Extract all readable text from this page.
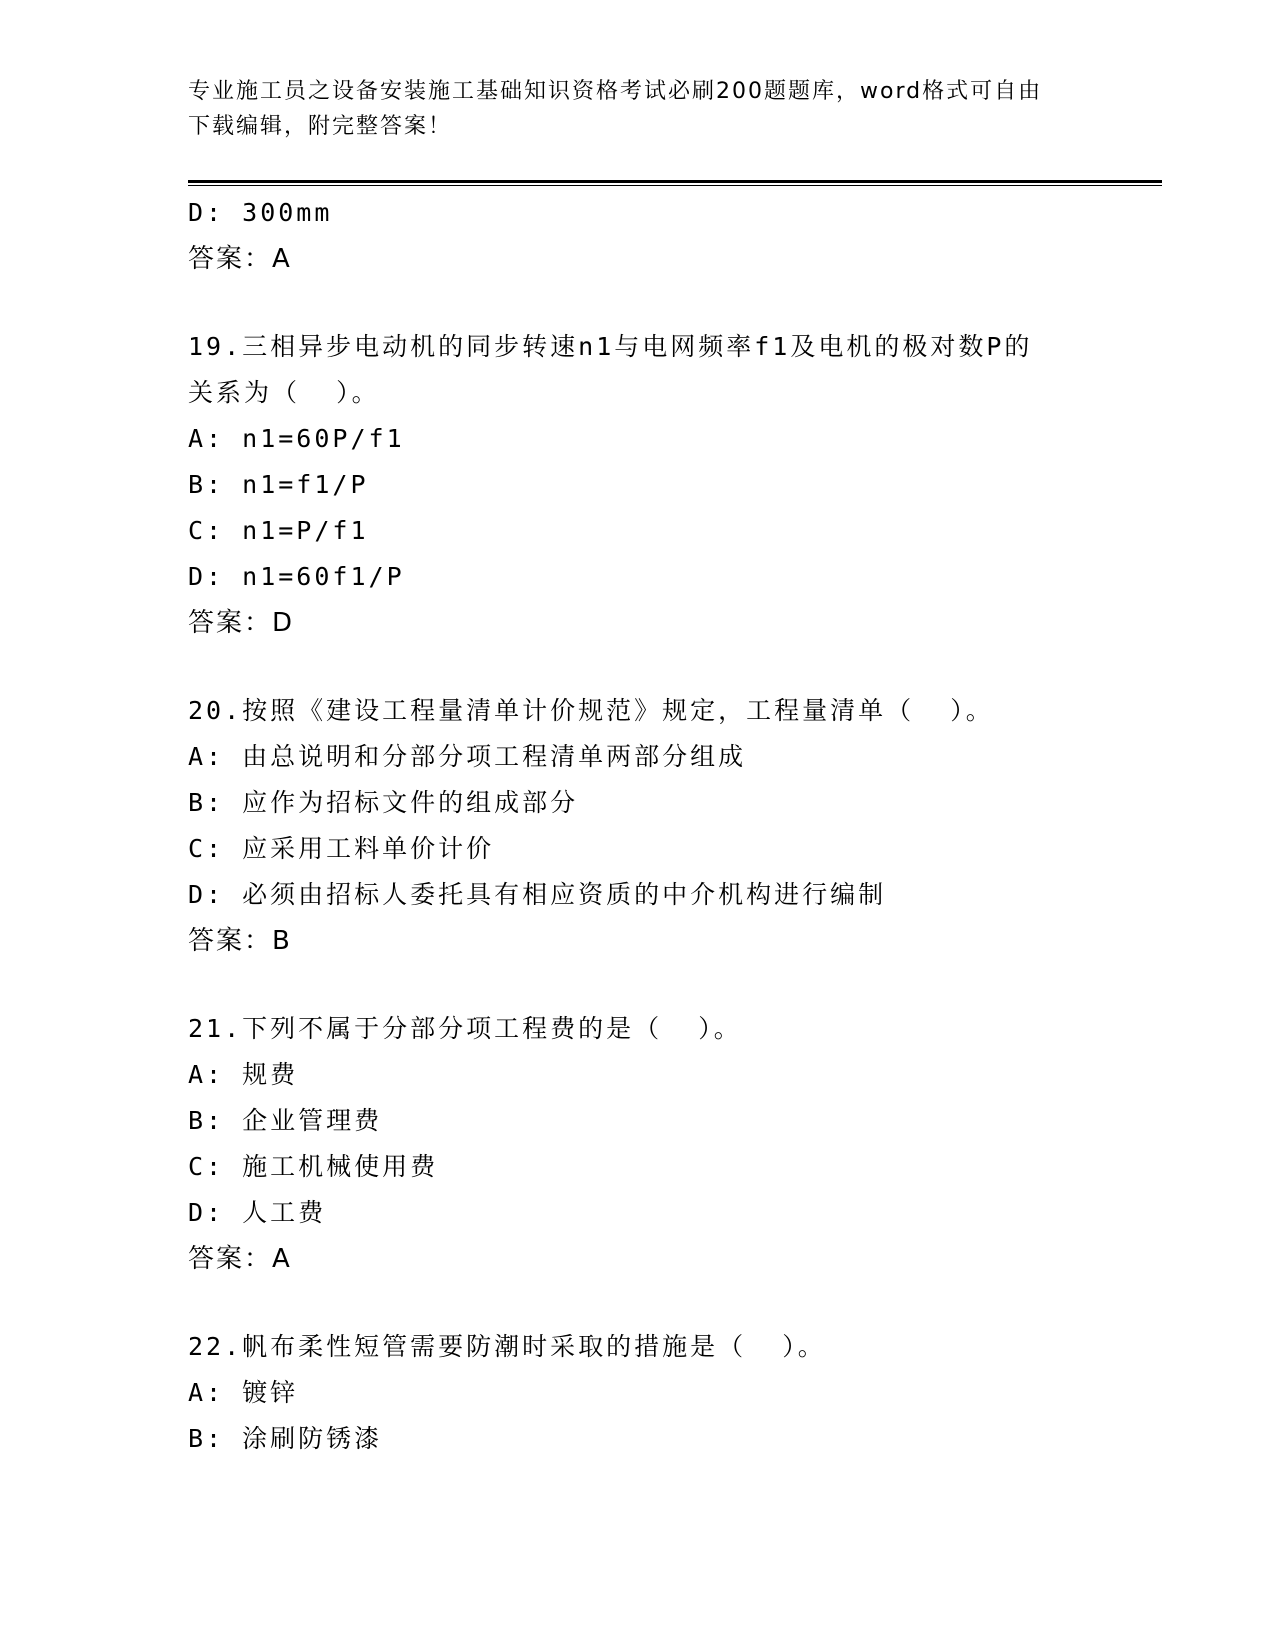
专业施工员之设备安装施工基础知识资格考试必刷200题题库，word格式可自由
下载编辑，附完整答案！

D: 300mm

答案：A

19.三相异步电动机的同步转速n1与电网频率f1及电机的极对数P的

关系为（  ）。

A: n1=60P/f1

B: n1=f1/P

C: n1=P/f1

D: n1=60f1/P

答案：D

20.按照《建设工程量清单计价规范》规定，工程量清单（  ）。

A: 由总说明和分部分项工程清单两部分组成

B: 应作为招标文件的组成部分

C: 应采用工料单价计价

D: 必须由招标人委托具有相应资质的中介机构进行编制

答案：B

21.下列不属于分部分项工程费的是（  ）。

A: 规费

B: 企业管理费

C: 施工机械使用费

D: 人工费

答案：A

22.帆布柔性短管需要防潮时采取的措施是（  ）。

A: 镀锌

B: 涂刷防锈漆
